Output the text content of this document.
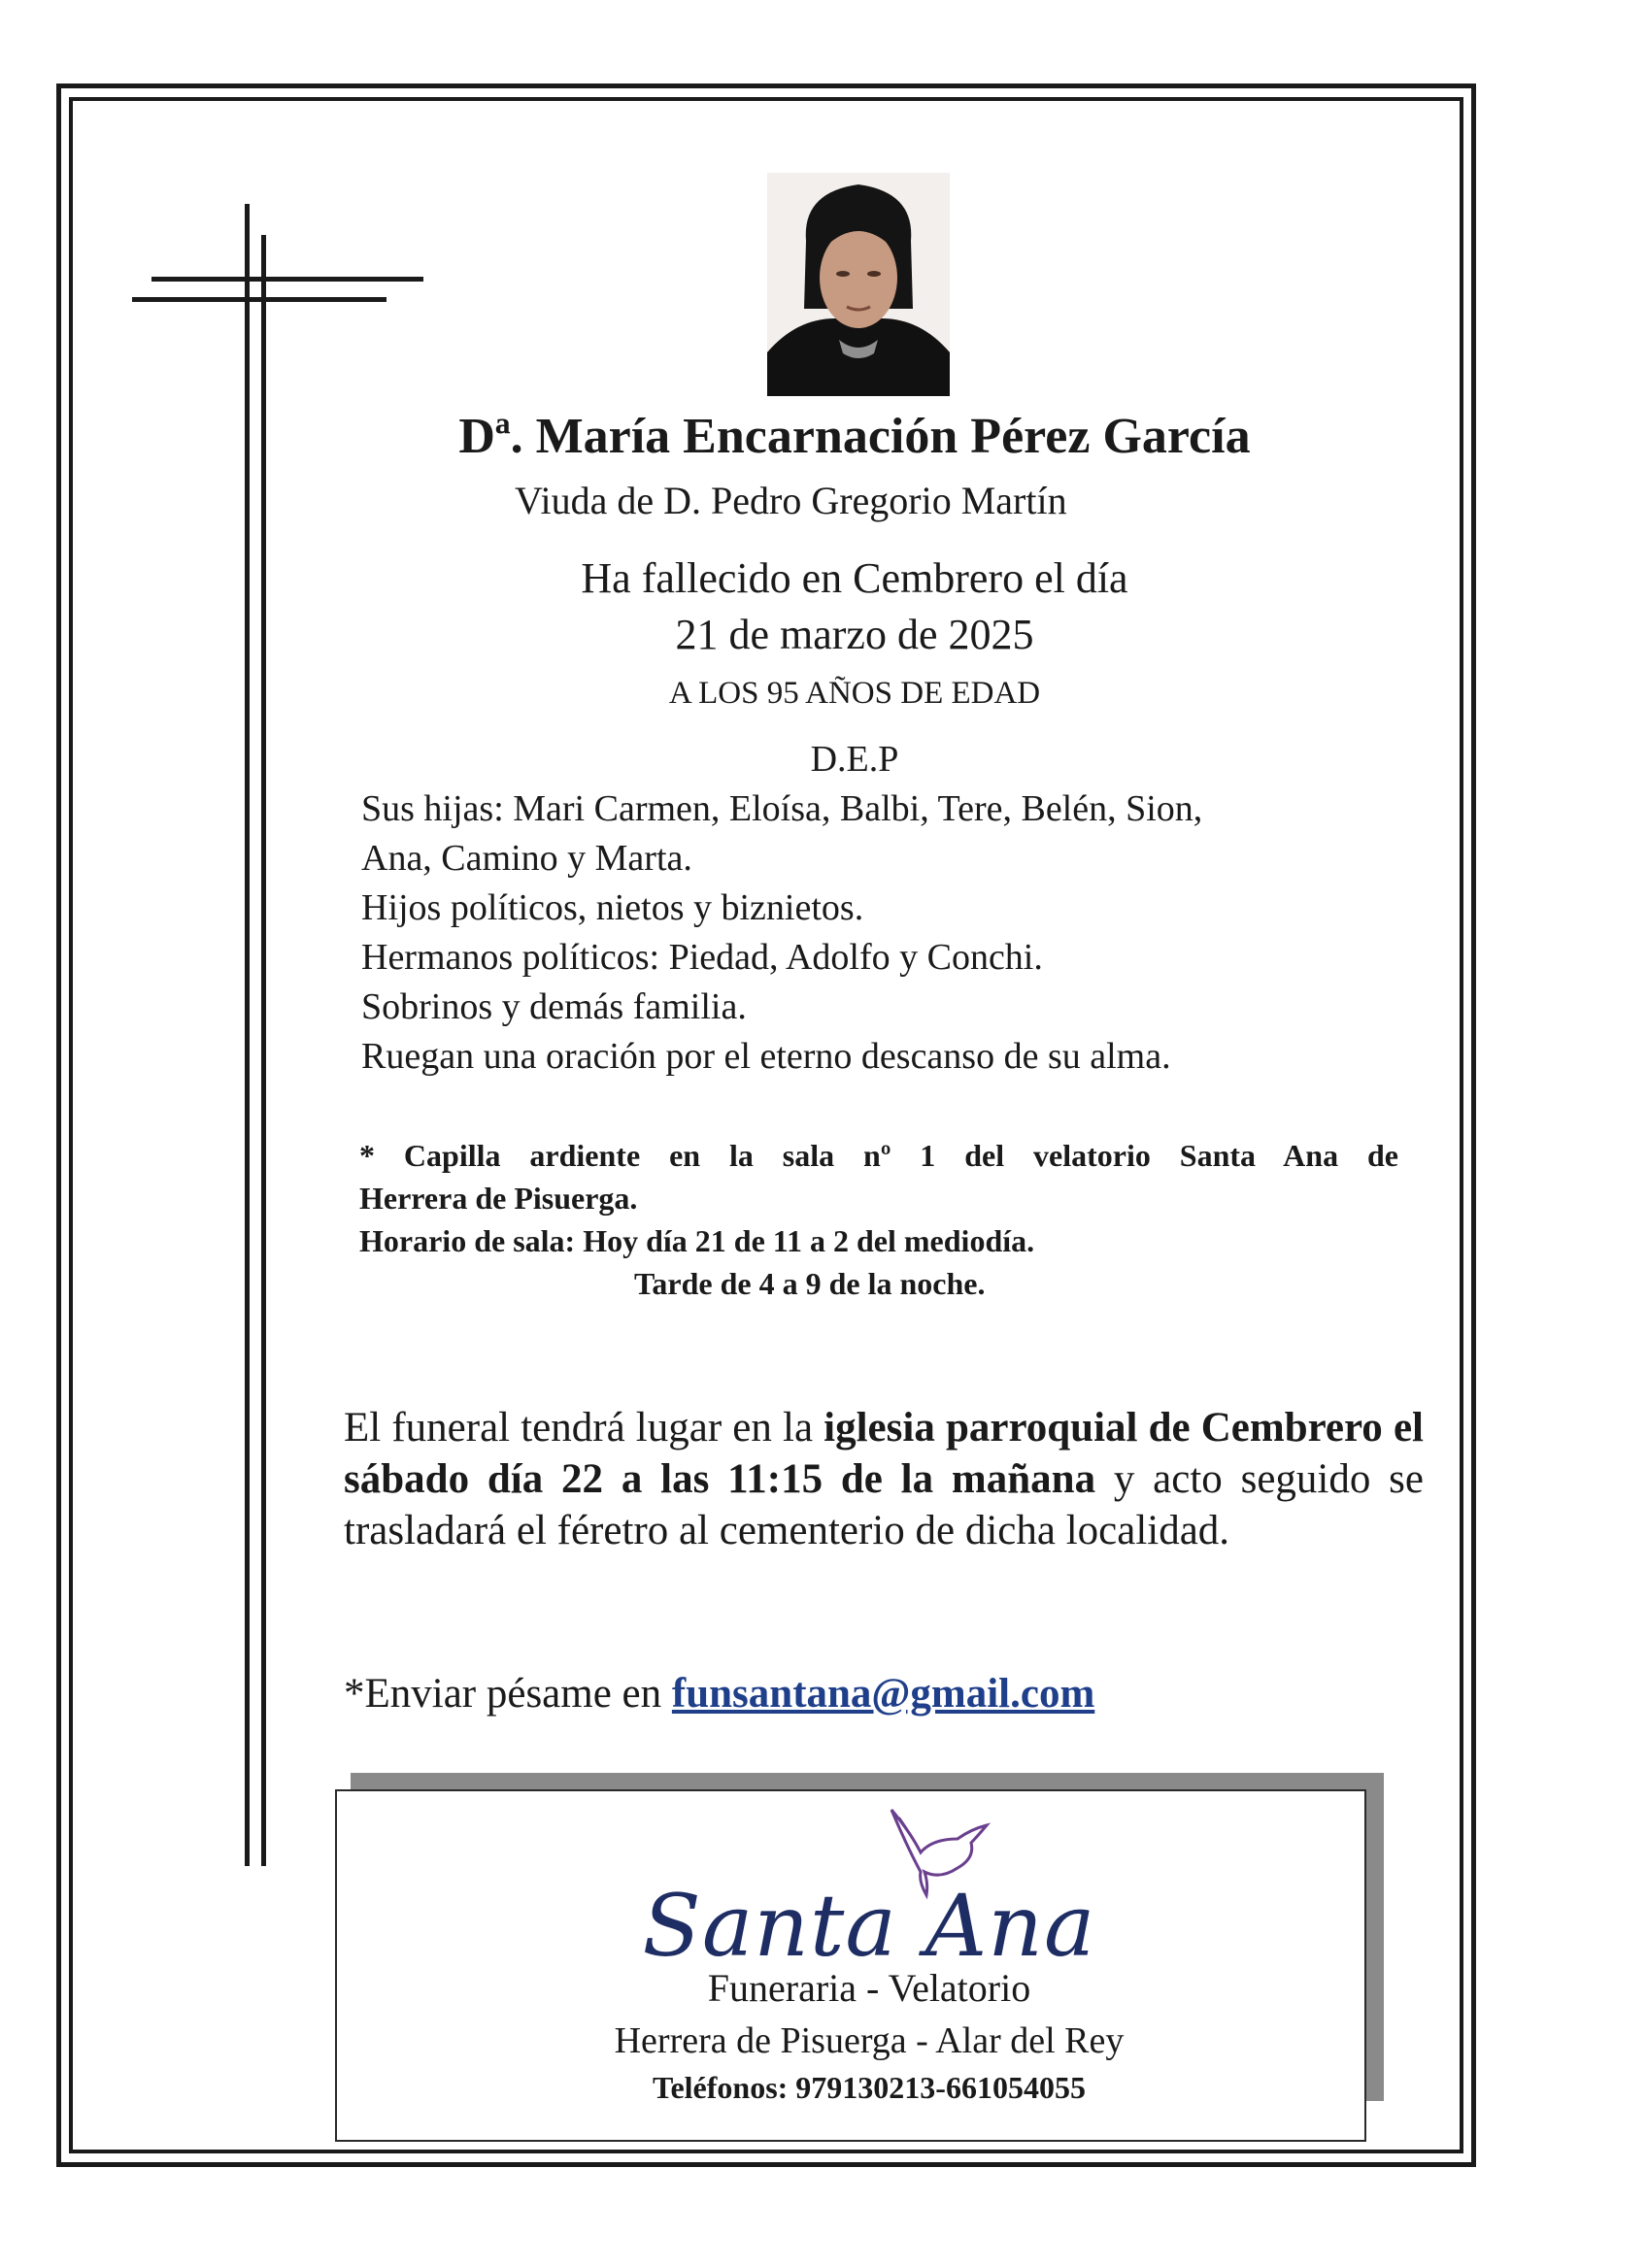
Dª. María Encarnación Pérez García
Viuda de D. Pedro Gregorio Martín
Ha fallecido en Cembrero el día
21 de marzo de 2025
A LOS 95 AÑOS DE EDAD
D.E.P
Sus hijas: Mari Carmen, Eloísa, Balbi, Tere, Belén, Sion,
Ana, Camino y Marta.
Hijos políticos, nietos y biznietos.
Hermanos políticos: Piedad, Adolfo y Conchi.
Sobrinos y demás familia.
Ruegan una oración por el eterno descanso de su alma.
* Capilla ardiente en la sala nº 1 del velatorio Santa Ana de
Herrera de Pisuerga.
Horario de sala: Hoy día 21 de 11 a 2 del mediodía.
Tarde de 4 a 9 de la noche.
El funeral tendrá lugar en la iglesia parroquial de Cembrero el sábado día 22 a las 11:15 de la mañana y acto seguido se trasladará el féretro al cementerio de dicha localidad.
*Enviar pésame en funsantana@gmail.com
Santa Ana
Funeraria - Velatorio
Herrera de Pisuerga - Alar del Rey
Teléfonos: 979130213-661054055
